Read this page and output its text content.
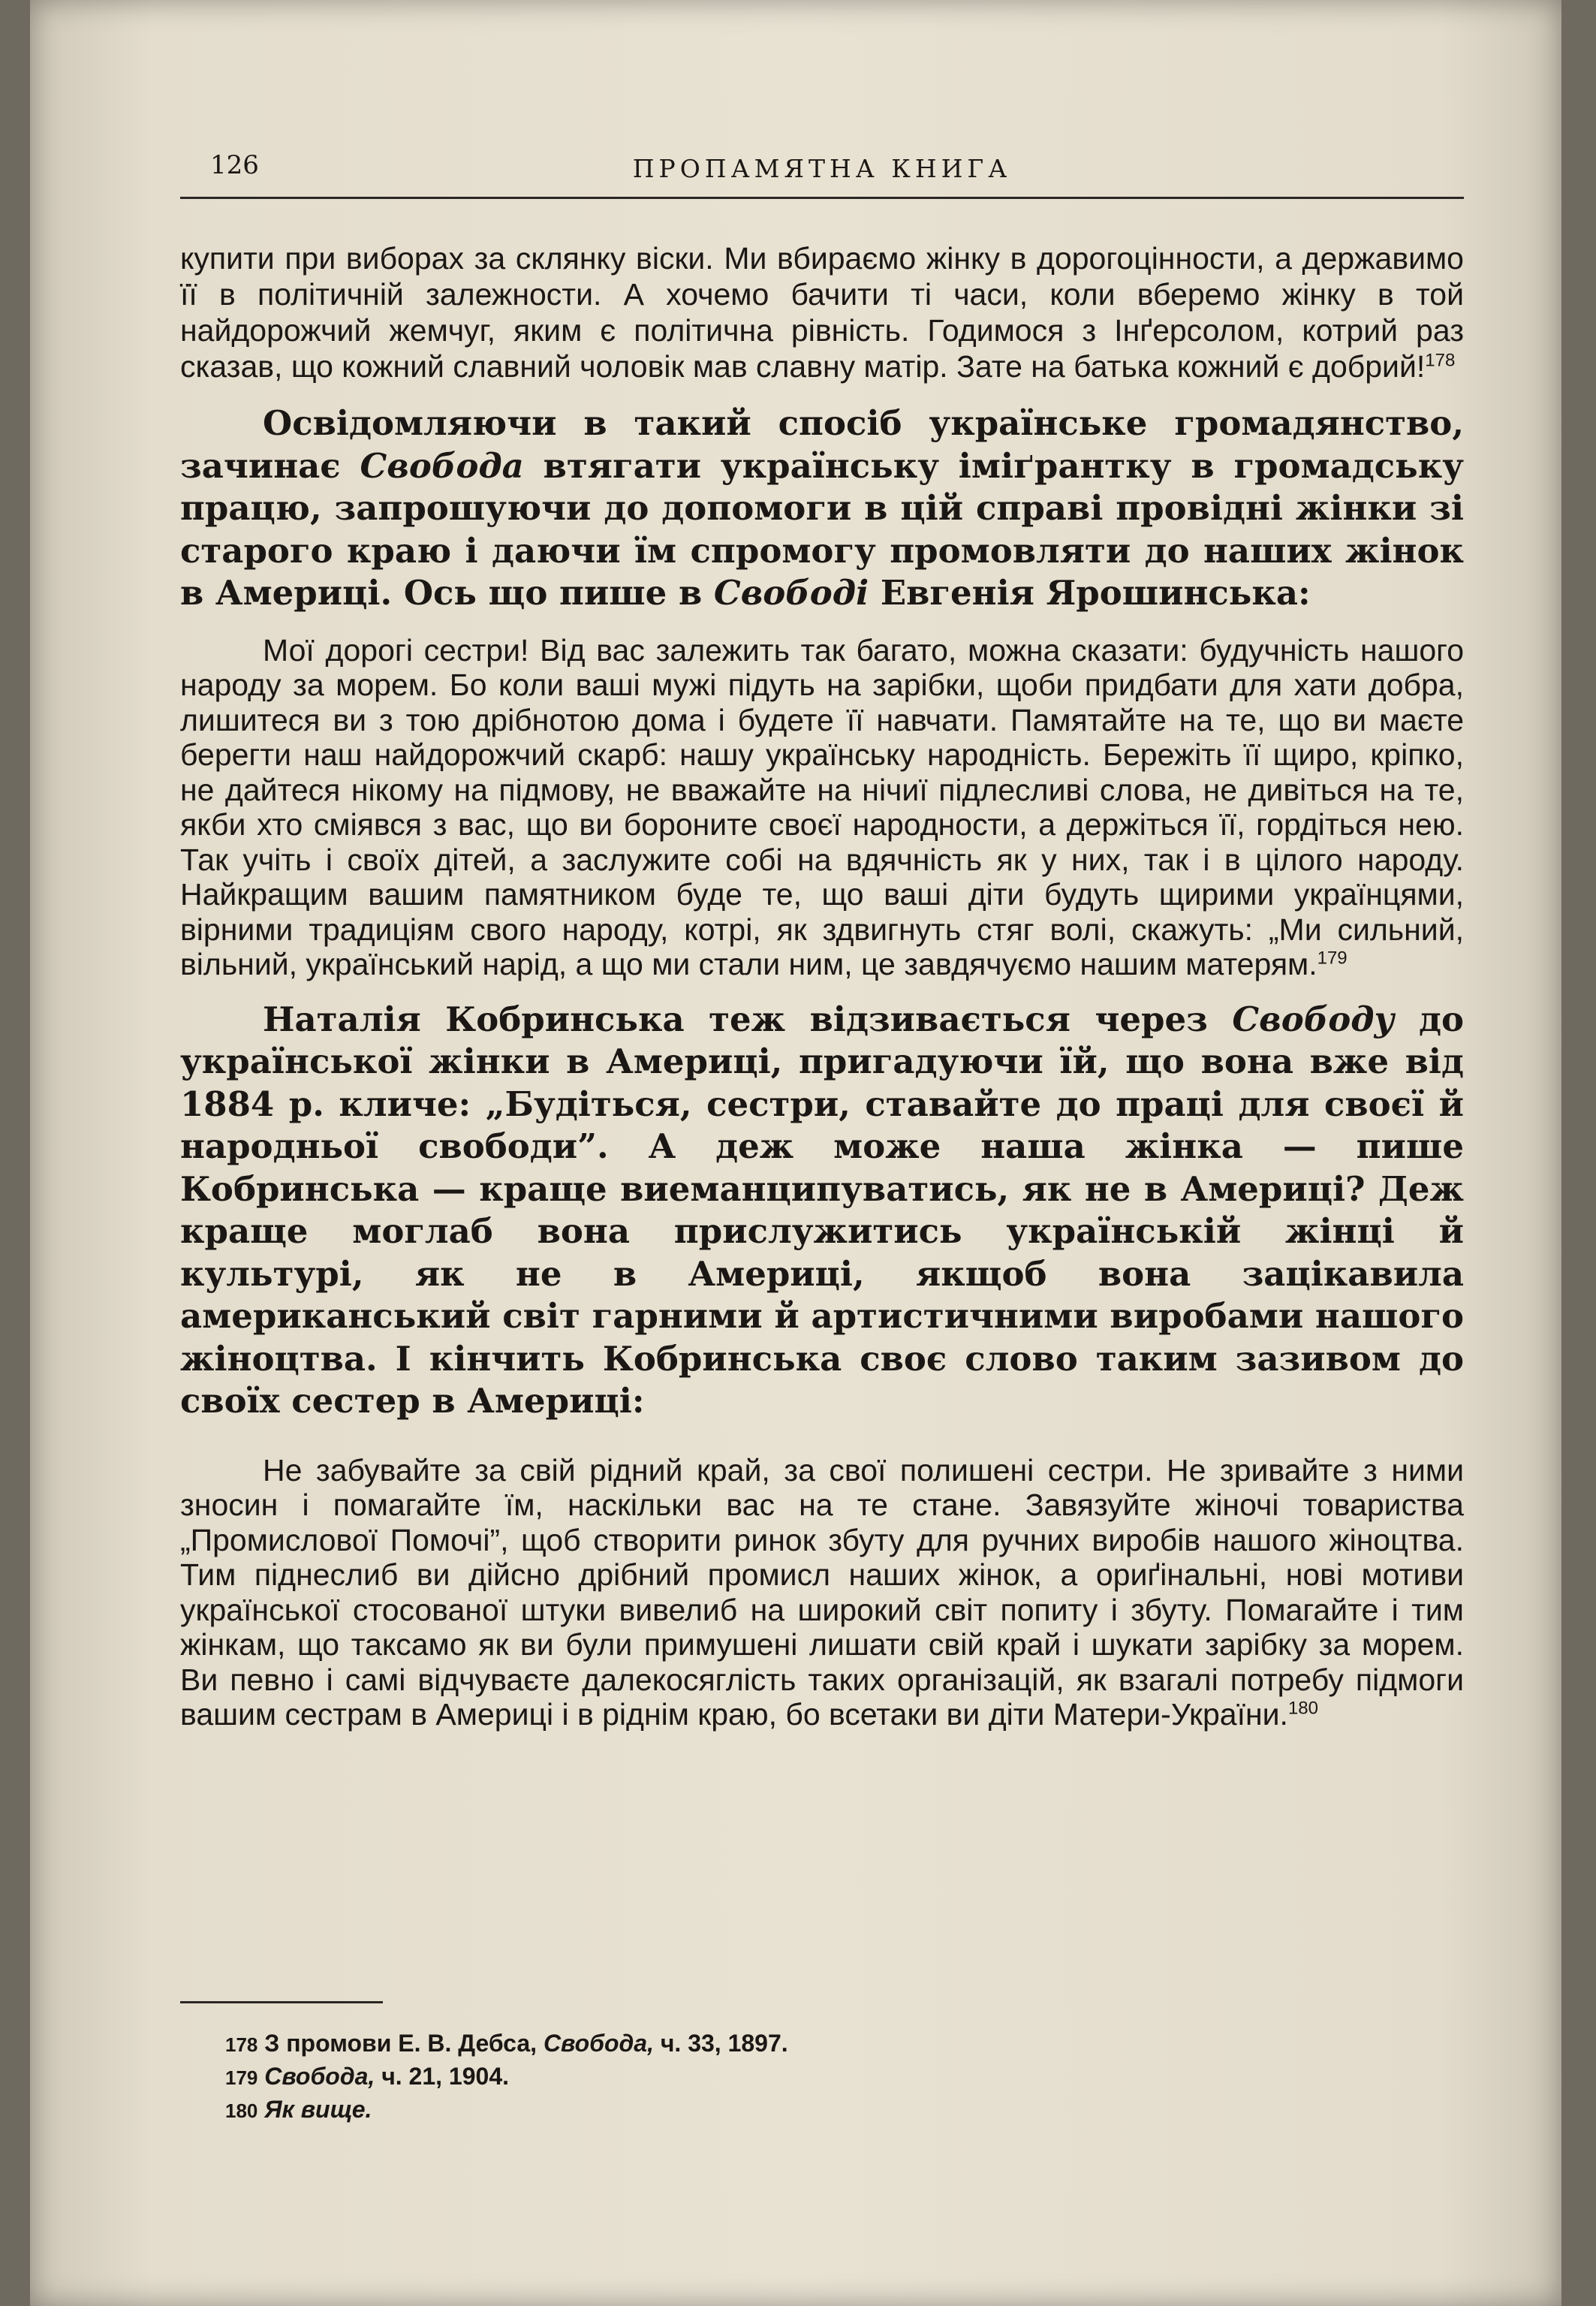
126	ПРОПАМЯТНА КНИГА

купити при виборах за склянку віски. Ми вбираємо жінку в дорогоцінности, а державимо її в політичній залежности. А хочемо бачити ті часи, коли вбеpемо жінку в той найдорожчий жемчуг, яким є політична рівність. Годимося з Інґерсолом, котрий раз сказав, що кожний славний чоловік мав славну матір. Зате на батька кожний є добрий!$^{178}$

Освідомляючи в такий спосіб українське громадянство, зачинає Свобода втягати українську іміґрантку в громадську працю, запрошуючи до допомоги в цій справі провідні жінки зі старого краю і даючи їм спромогу промовляти до наших жінок в Америці. Ось що пише в Свободі Евгенія Ярошинська:

Мої дорогі сестри! Від вас залежить так багато, можна сказати: будучність нашого народу за морем. Бо коли ваші мужі підуть на зарібки, щоби придбати для хати добра, лишитеся ви з тою дрібнотою дома і будете її навчати. Памятайте на те, що ви маєте берегти наш найдорожчий скарб: нашу українську народність. Бережіть її щиро, кріпко, не дайтеся нікому на підмову, не вважайте на нічиї підлесливі слова, не дивіться на те, якби хто сміявся з вас, що ви бороните своєї народности, а держіться її, гордіться нею. Так учіть і своїх дітей, а заслужите собі на вдячність як у них, так і в цілого народу. Найкращим вашим памятником буде те, що ваші діти будуть щирими українцями, вірними традиціям свого народу, котрі, як здвигнуть стяг волі, скажуть: „Ми сильний, вільний, український нарід, а що ми стали ним, це завдячуємо нашим матерям.$^{179}$

Наталія Кобринська теж відзивається через Свободу до української жінки в Америці, пригадуючи їй, що вона вже від 1884 р. кличе: „Будіться, сестри, ставайте до праці для своєї й народньої свободи”. А деж може наша жінка — пише Кобринська — краще виеманципуватись, як не в Америці? Деж краще моглаб вона прислужитись українській жінці й культурі, як не в Америці, якщоб вона зацікавила американський світ гарними й артистичними виробами нашого жіноцтва. І кінчить Кобринська своє слово таким зазивом до своїх сестер в Америці:

Не забувайте за свій рідний край, за свої полишені сестри. Не зривайте з ними зносин і помагайте їм, наскільки вас на те стане. Завязуйте жіночі товариства „Промислової Помочі”, щоб створити ринок збуту для ручних виробів нашого жіноцтва. Тим піднеслиб ви дійсно дрібний промисл наших жінок, а ориґінальні, нові мотиви української стосованої штуки вивелиб на широкий світ попиту і збуту. Помагайте і тим жінкам, що таксамо як ви були примушені лишати свій край і шукати зарібку за морем. Ви певно і самі відчуваєте далекосяглість таких організацій, як взагалі потребу підмоги вашим сестрам в Америці і в ріднім краю, бо всетаки ви діти Матери-України.$^{180}$

178 З промови Е. В. Дебса, Свобода, ч. 33, 1897.
179 Свобода, ч. 21, 1904.
180 Як вище.
